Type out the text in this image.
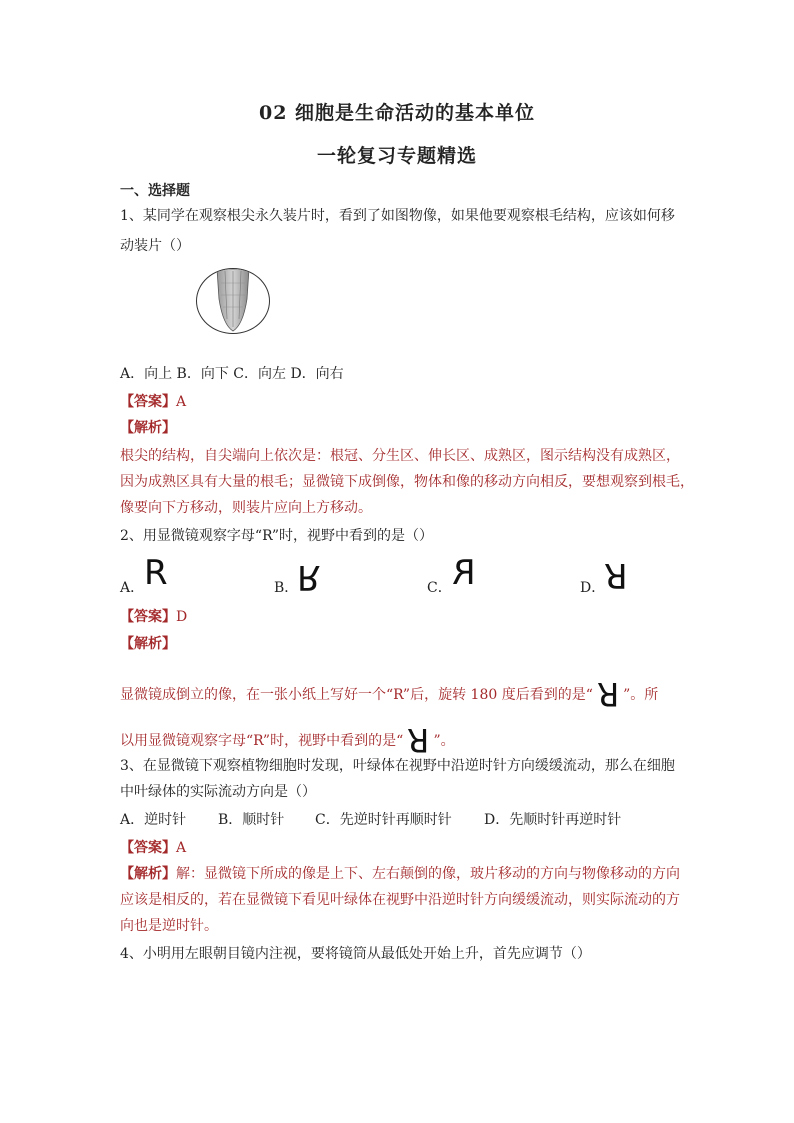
02 细胞是生命活动的基本单位
一轮复习专题精选
一、选择题
1、某同学在观察根尖永久装片时，看到了如图物像，如果他要观察根毛结构，应该如何移
动装片（）
A．向上 B．向下 C．向左 D．向右
【答案】A
【解析】
根尖的结构，自尖端向上依次是：根冠、分生区、伸长区、成熟区，图示结构没有成熟区，
因为成熟区具有大量的根毛；显微镜下成倒像，物体和像的移动方向相反，要想观察到根毛，
像要向下方移动，则装片应向上方移动。
2、用显微镜观察字母“R”时，视野中看到的是（）
A． R	B．
R	C． R	D．
R
【答案】D
【解析】
显微镜成倒立的像，在一张小纸上写好一个“R”后，旋转 180 度后看到的是“ R ”。所
以用显微镜观察字母“R”时，视野中看到的是“ R ”。
3、在显微镜下观察植物细胞时发现，叶绿体在视野中沿逆时针方向缓缓流动，那么在细胞
中叶绿体的实际流动方向是（）
A．逆时针 B．顺时针 C．先逆时针再顺时针 D．先顺时针再逆时针
【答案】A
【解析】解：显微镜下所成的像是上下、左右颠倒的像，玻片移动的方向与物像移动的方向
应该是相反的，若在显微镜下看见叶绿体在视野中沿逆时针方向缓缓流动，则实际流动的方
向也是逆时针。
4、小明用左眼朝目镜内注视，要将镜筒从最低处开始上升，首先应调节（）
